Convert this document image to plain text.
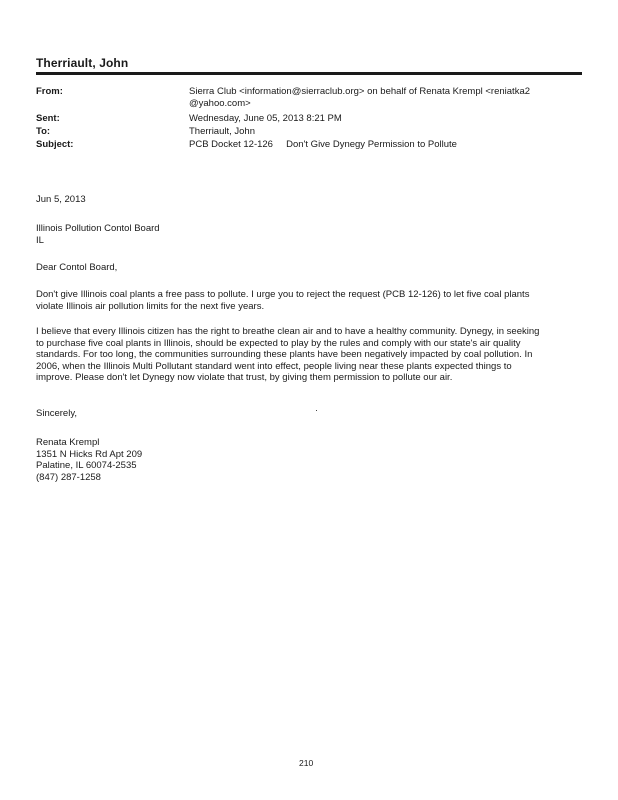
Therriault, John
From:	Sierra Club <information@sierraclub.org> on behalf of Renata Krempl <reniatka2
@yahoo.com>
Sent:	Wednesday, June 05, 2013 8:21 PM
To:	Therriault, John
Subject:	PCB Docket 12-126     Don't Give Dynegy Permission to Pollute
Jun 5, 2013
Illinois Pollution Contol Board
IL
Dear Contol Board,
Don't give Illinois coal plants a free pass to pollute. I urge you to reject the request (PCB 12-126) to let five coal plants
violate Illinois air pollution limits for the next five years.
I believe that every Illinois citizen has the right to breathe clean air and to have a healthy community. Dynegy, in seeking
to purchase five coal plants in Illinois, should be expected to play by the rules and comply with our state's air quality
standards. For too long, the communities surrounding these plants have been negatively impacted by coal pollution. In
2006, when the Illinois Multi Pollutant standard went into effect, people living near these plants expected things to
improve. Please don't let Dynegy now violate that trust, by giving them permission to pollute our air.
Sincerely,
Renata Krempl
1351 N Hicks Rd Apt 209
Palatine, IL 60074-2535
(847) 287-1258
210
